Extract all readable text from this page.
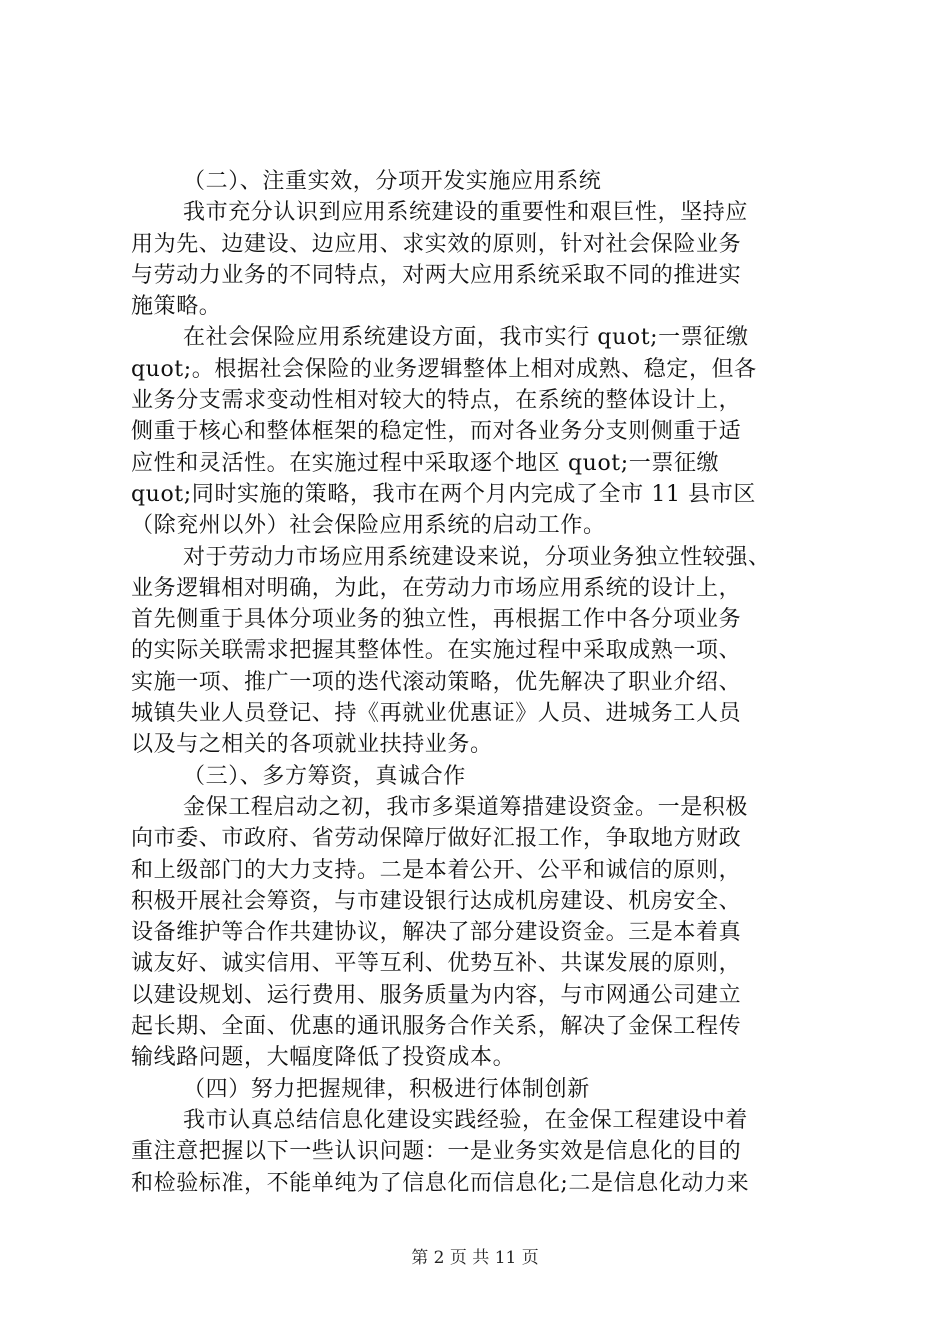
（二）、注重实效，分项开发实施应用系统
我市充分认识到应用系统建设的重要性和艰巨性，坚持应
用为先、边建设、边应用、求实效的原则，针对社会保险业务
与劳动力业务的不同特点，对两大应用系统采取不同的推进实
施策略。
在社会保险应用系统建设方面，我市实行 quot;一票征缴
quot;。根据社会保险的业务逻辑整体上相对成熟、稳定，但各
业务分支需求变动性相对较大的特点，在系统的整体设计上，
侧重于核心和整体框架的稳定性，而对各业务分支则侧重于适
应性和灵活性。在实施过程中采取逐个地区 quot;一票征缴
quot;同时实施的策略，我市在两个月内完成了全市 11 县市区
（除兖州以外）社会保险应用系统的启动工作。
对于劳动力市场应用系统建设来说，分项业务独立性较强、
业务逻辑相对明确，为此，在劳动力市场应用系统的设计上，
首先侧重于具体分项业务的独立性，再根据工作中各分项业务
的实际关联需求把握其整体性。在实施过程中采取成熟一项、
实施一项、推广一项的迭代滚动策略，优先解决了职业介绍、
城镇失业人员登记、持《再就业优惠证》人员、进城务工人员
以及与之相关的各项就业扶持业务。
（三）、多方筹资，真诚合作
金保工程启动之初，我市多渠道筹措建设资金。一是积极
向市委、市政府、省劳动保障厅做好汇报工作，争取地方财政
和上级部门的大力支持。二是本着公开、公平和诚信的原则，
积极开展社会筹资，与市建设银行达成机房建设、机房安全、
设备维护等合作共建协议，解决了部分建设资金。三是本着真
诚友好、诚实信用、平等互利、优势互补、共谋发展的原则，
以建设规划、运行费用、服务质量为内容，与市网通公司建立
起长期、全面、优惠的通讯服务合作关系，解决了金保工程传
输线路问题，大幅度降低了投资成本。
（四）努力把握规律，积极进行体制创新
我市认真总结信息化建设实践经验，在金保工程建设中着
重注意把握以下一些认识问题：一是业务实效是信息化的目的
和检验标准，不能单纯为了信息化而信息化;二是信息化动力来
第 2 页 共 11 页
